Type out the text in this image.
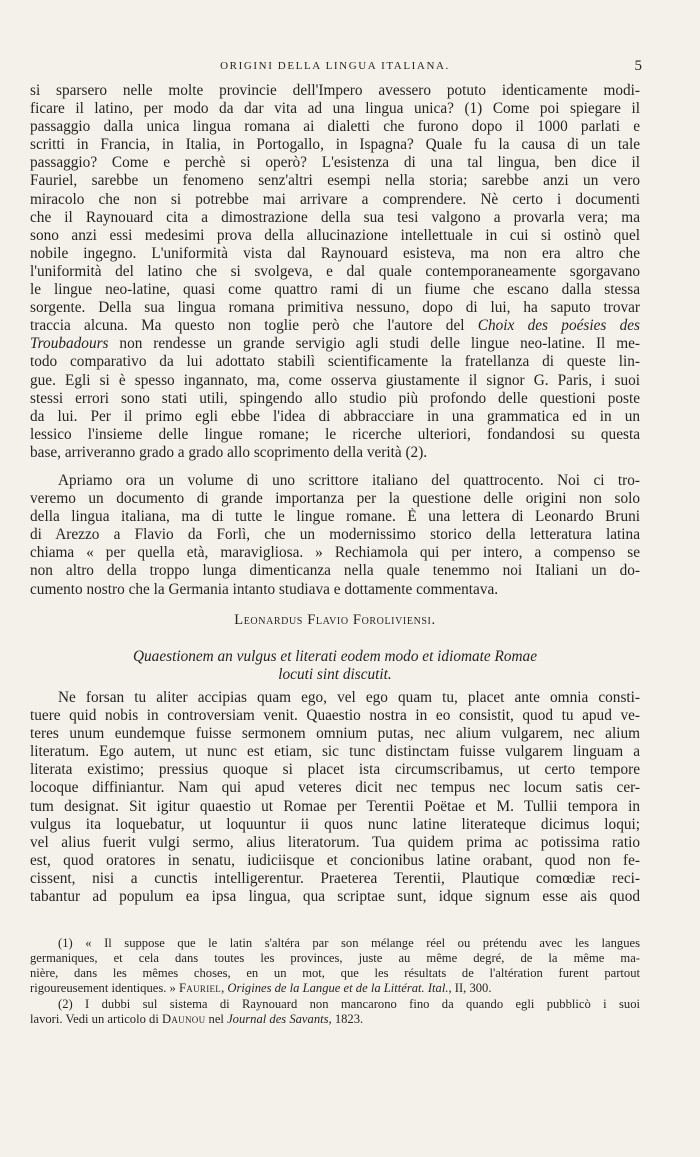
ORIGINI DELLA LINGUA ITALIANA.	5
si sparsero nelle molte provincie dell'Impero avessero potuto identicamente modi-
ficare il latino, per modo da dar vita ad una lingua unica? (1) Come poi spiegare il
passaggio dalla unica lingua romana ai dialetti che furono dopo il 1000 parlati e
scritti in Francia, in Italia, in Portogallo, in Ispagna? Quale fu la causa di un tale
passaggio? Come e perchè si operò? L'esistenza di una tal lingua, ben dice il
Fauriel, sarebbe un fenomeno senz'altri esempi nella storia; sarebbe anzi un vero
miracolo che non si potrebbe mai arrivare a comprendere. Nè certo i documenti
che il Raynouard cita a dimostrazione della sua tesi valgono a provarla vera; ma
sono anzi essi medesimi prova della allucinazione intellettuale in cui si ostinò quel
nobile ingegno. L'uniformità vista dal Raynouard esisteva, ma non era altro che
l'uniformità del latino che si svolgeva, e dal quale contemporaneamente sgorgavano
le lingue neo-latine, quasi come quattro rami di un fiume che escano dalla stessa
sorgente. Della sua lingua romana primitiva nessuno, dopo di lui, ha saputo trovar
traccia alcuna. Ma questo non toglie però che l'autore del Choix des poésies des
Troubadours non rendesse un grande servigio agli studi delle lingue neo-latine. Il me-
todo comparativo da lui adottato stabilì scientificamente la fratellanza di queste lin-
gue. Egli si è spesso ingannato, ma, come osserva giustamente il signor G. Paris, i suoi
stessi errori sono stati utili, spingendo allo studio più profondo delle questioni poste
da lui. Per il primo egli ebbe l'idea di abbracciare in una grammatica ed in un
lessico l'insieme delle lingue romane; le ricerche ulteriori, fondandosi su questa
base, arriveranno grado a grado allo scoprimento della verità (2).
Apriamo ora un volume di uno scrittore italiano del quattrocento. Noi ci tro-
veremo un documento di grande importanza per la questione delle origini non solo
della lingua italiana, ma di tutte le lingue romane. È una lettera di Leonardo Bruni
di Arezzo a Flavio da Forlì, che un modernissimo storico della letteratura latina
chiama « per quella età, maravigliosa. » Rechiamola qui per intero, a compenso se
non altro della troppo lunga dimenticanza nella quale tenemmo noi Italiani un do-
cumento nostro che la Germania intanto studiava e dottamente commentava.
Leonardus Flavio Foroliviensi.
Quaestionem an vulgus et literati eodem modo et idiomate Romae
locuti sint discutit.
Ne forsan tu aliter accipias quam ego, vel ego quam tu, placet ante omnia consti-
tuere quid nobis in controversiam venit. Quaestio nostra in eo consistit, quod tu apud ve-
teres unum eundemque fuisse sermonem omnium putas, nec alium vulgarem, nec alium
literatum. Ego autem, ut nunc est etiam, sic tunc distinctam fuisse vulgarem linguam a
literata existimo; pressius quoque si placet ista circumscribamus, ut certo tempore
locoque diffiniantur. Nam qui apud veteres dicit nec tempus nec locum satis cer-
tum designat. Sit igitur quaestio ut Romae per Terentii Poëtae et M. Tullii tempora in
vulgus ita loquebatur, ut loquuntur ii quos nunc latine literateque dicimus loqui;
vel alius fuerit vulgi sermo, alius literatorum. Tua quidem prima ac potissima ratio
est, quod oratores in senatu, iudiciisque et concionibus latine orabant, quod non fe-
cissent, nisi a cunctis intelligerentur. Praeterea Terentii, Plautique comœdiæ reci-
tabantur ad populum ea ipsa lingua, qua scriptae sunt, idque signum esse ais quod
(1) « Il suppose que le latin s'altéra par son mélange réel ou prétendu avec les langues
germaniques, et cela dans toutes les provinces, juste au même degré, de la même ma-
nière, dans les mêmes choses, en un mot, que les résultats de l'altération furent partout
rigoureusement identiques. » Fauriel, Origines de la Langue et de la Littérat. Ital., II, 300.
(2) I dubbi sul sistema di Raynouard non mancarono fino da quando egli pubblicò i suoi
lavori. Vedi un articolo di Daunou nel Journal des Savants, 1823.
